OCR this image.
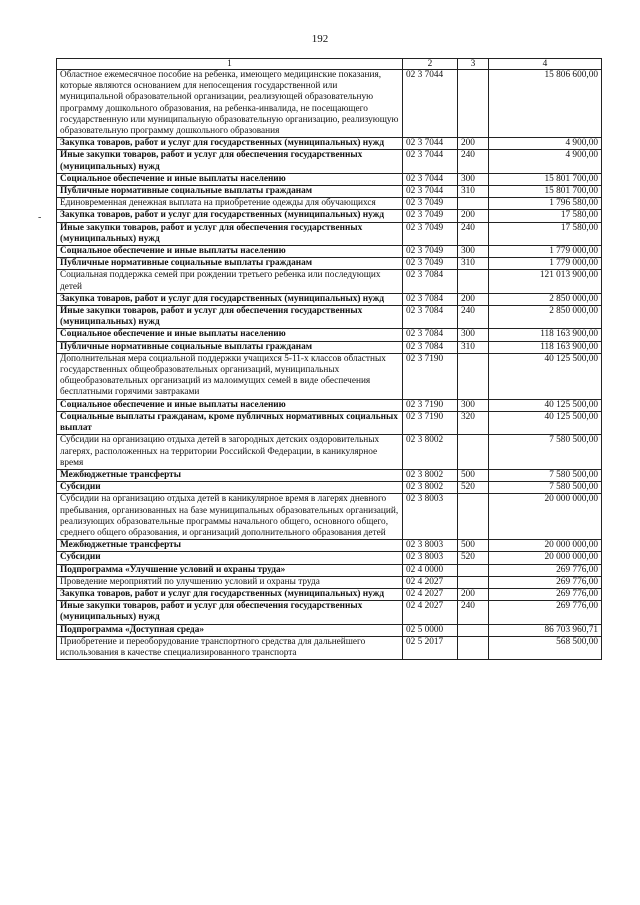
192
-
1	2	3	4
Областное ежемесячное пособие на ребенка, имеющего медицинские показания, которые являются основанием для непосещения государственной или муниципальной образовательной организации, реализующей образовательную программу дошкольного образования, на ребенка-инвалида, не посещающего государственную или муниципальную образовательную организацию, реализующую образовательную программу дошкольного образования	02 3 7044		15 806 600,00
Закупка товаров, работ и услуг для государственных (муниципальных) нужд	02 3 7044	200	4 900,00
Иные закупки товаров, работ и услуг для обеспечения государственных (муниципальных) нужд	02 3 7044	240	4 900,00
Социальное обеспечение и иные выплаты населению	02 3 7044	300	15 801 700,00
Публичные нормативные социальные выплаты гражданам	02 3 7044	310	15 801 700,00
Единовременная денежная выплата на приобретение одежды для обучающихся	02 3 7049		1 796 580,00
Закупка товаров, работ и услуг для государственных (муниципальных) нужд	02 3 7049	200	17 580,00
Иные закупки товаров, работ и услуг для обеспечения государственных (муниципальных) нужд	02 3 7049	240	17 580,00
Социальное обеспечение и иные выплаты населению	02 3 7049	300	1 779 000,00
Публичные нормативные социальные выплаты гражданам	02 3 7049	310	1 779 000,00
Социальная поддержка семей при рождении третьего ребенка или последующих детей	02 3 7084		121 013 900,00
Закупка товаров, работ и услуг для государственных (муниципальных) нужд	02 3 7084	200	2 850 000,00
Иные закупки товаров, работ и услуг для обеспечения государственных (муниципальных) нужд	02 3 7084	240	2 850 000,00
Социальное обеспечение и иные выплаты населению	02 3 7084	300	118 163 900,00
Публичные нормативные социальные выплаты гражданам	02 3 7084	310	118 163 900,00
Дополнительная мера социальной поддержки учащихся 5-11-х классов областных государственных общеобразовательных организаций, муниципальных общеобразовательных организаций из малоимущих семей в виде обеспечения бесплатными горячими завтраками	02 3 7190		40 125 500,00
Социальное обеспечение и иные выплаты населению	02 3 7190	300	40 125 500,00
Социальные выплаты гражданам, кроме публичных нормативных социальных выплат	02 3 7190	320	40 125 500,00
Субсидии на организацию отдыха детей в загородных детских оздоровительных лагерях, расположенных на территории Российской Федерации, в каникулярное время	02 3 8002		7 580 500,00
Межбюджетные трансферты	02 3 8002	500	7 580 500,00
Субсидии	02 3 8002	520	7 580 500,00
Субсидии на организацию отдыха детей в каникулярное время в лагерях дневного пребывания, организованных на базе муниципальных образовательных организаций, реализующих образовательные программы начального общего, основного общего, среднего общего образования, и организаций дополнительного образования детей	02 3 8003		20 000 000,00
Межбюджетные трансферты	02 3 8003	500	20 000 000,00
Субсидии	02 3 8003	520	20 000 000,00
Подпрограмма «Улучшение условий и охраны труда»	02 4 0000		269 776,00
Проведение мероприятий по улучшению условий и охраны труда	02 4 2027		269 776,00
Закупка товаров, работ и услуг для государственных (муниципальных) нужд	02 4 2027	200	269 776,00
Иные закупки товаров, работ и услуг для обеспечения государственных (муниципальных) нужд	02 4 2027	240	269 776,00
Подпрограмма «Доступная среда»	02 5 0000		86 703 960,71
Приобретение и переоборудование транспортного средства для дальнейшего использования в качестве специализированного транспорта	02 5 2017		568 500,00
